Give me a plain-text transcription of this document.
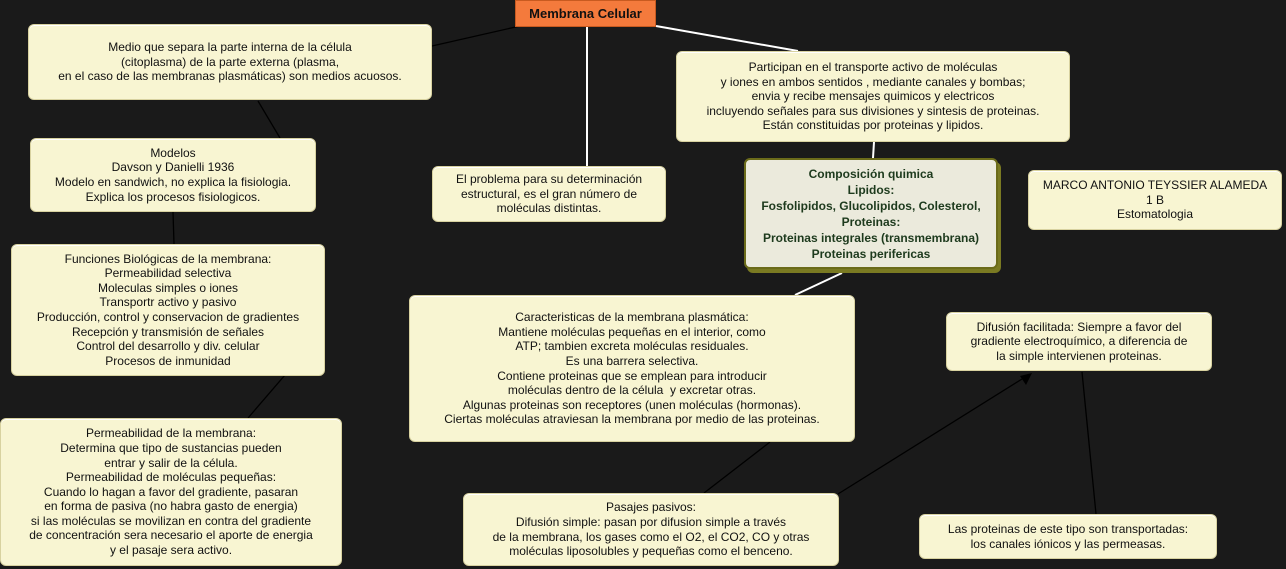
Membrana Celular
Medio que separa la parte interna de la célula
(citoplasma) de la parte externa (plasma,
en el caso de las membranas plasmáticas) son medios acuosos.
Modelos
Davson y Danielli 1936
Modelo en sandwich, no explica la fisiologia.
Explica los procesos fisiologicos.
Funciones Biológicas de la membrana:
Permeabilidad selectiva
Moleculas simples o iones
Transportr activo y pasivo
Producción, control y conservacion de gradientes
Recepción y transmisión de señales
Control del desarrollo y div. celular
Procesos de inmunidad
Permeabilidad de la membrana:
Determina que tipo de sustancias pueden
entrar y salir de la célula.
Permeabilidad de moléculas pequeñas:
Cuando lo hagan a favor del gradiente, pasaran
en forma de pasiva (no habra gasto de energia)
si las moléculas se movilizan en contra del gradiente
de concentración sera necesario el aporte de energia
y el pasaje sera activo.
El problema para su determinación
estructural, es el gran número de
moléculas distintas.
Participan en el transporte activo de moléculas
y iones en ambos sentidos , mediante canales y bombas;
envia y recibe mensajes quimicos y electricos
incluyendo señales para sus divisiones y sintesis de proteinas.
Están constituidas por proteinas y lipidos.
Composición quimica
Lipidos:
Fosfolipidos, Glucolipidos, Colesterol,
Proteinas:
Proteinas integrales (transmembrana)
Proteinas perifericas
MARCO ANTONIO TEYSSIER ALAMEDA
1 B
Estomatologia
Caracteristicas de la membrana plasmática:
Mantiene moléculas pequeñas en el interior, como
ATP; tambien excreta moléculas residuales.
Es una barrera selectiva.
Contiene proteinas que se emplean para introducir
moléculas dentro de la célula  y excretar otras.
Algunas proteinas son receptores (unen moléculas (hormonas).
Ciertas moléculas atraviesan la membrana por medio de las proteinas.
Difusión facilitada: Siempre a favor del
gradiente electroquímico, a diferencia de
la simple intervienen proteinas.
Pasajes pasivos:
Difusión simple: pasan por difusion simple a través
de la membrana, los gases como el O2, el CO2, CO y otras
moléculas liposolubles y pequeñas como el benceno.
Las proteinas de este tipo son transportadas:
los canales iónicos y las permeasas.
